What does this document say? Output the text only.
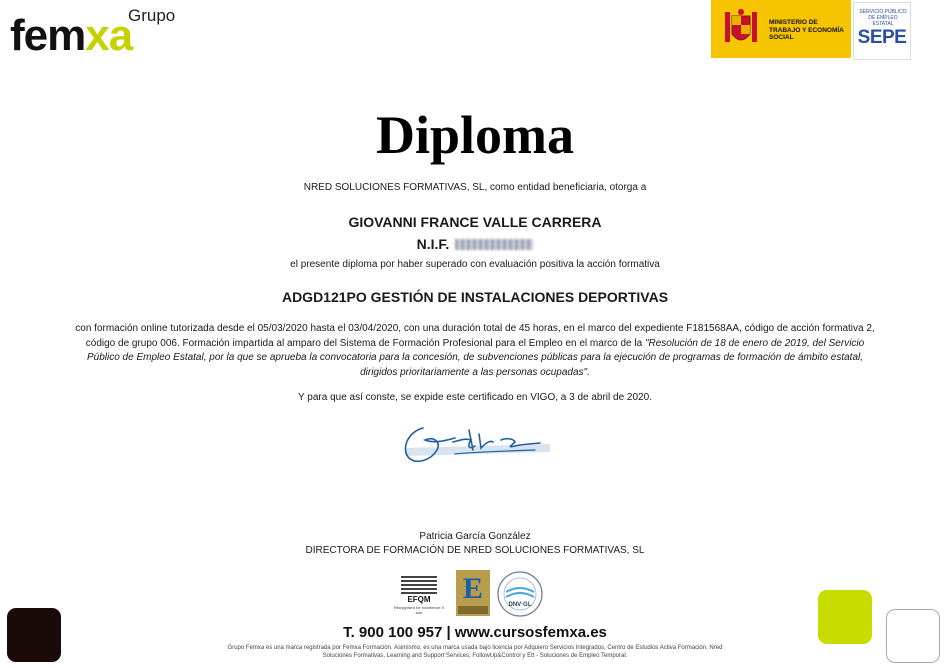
Grupo
femxa	MINISTERIO DE TRABAJO Y ECONOMÍA SOCIAL
SERVICIO PÚBLICO DE EMPLEO ESTATAL
SEPE
Diploma
NRED SOLUCIONES FORMATIVAS, SL, como entidad beneficiaria, otorga a
GIOVANNI FRANCE VALLE CARRERA
N.I.F.
el presente diploma por haber superado con evaluación positiva la acción formativa
ADGD121PO GESTIÓN DE INSTALACIONES DEPORTIVAS
con formación online tutorizada desde el 05/03/2020 hasta el 03/04/2020, con una duración total de 45 horas, en el marco del expediente F181568AA, código de acción formativa 2, código de grupo 006. Formación impartida al amparo del Sistema de Formación Profesional para el Empleo en el marco de la "Resolución de 18 de enero de 2019, del Servicio Público de Empleo Estatal, por la que se aprueba la convocatoria para la concesión, de subvenciones públicas para la ejecución de programas de formación de ámbito estatal, dirigidos prioritariamente a las personas ocupadas".
Y para que así conste, se expide este certificado en VIGO, a 3 de abril de 2020.
Patricia García González
DIRECTORA DE FORMACIÓN DE NRED SOLUCIONES FORMATIVAS, SL
EFQM
Recognised for excellence 5 star
E	DNV·GL
T. 900 100 957 | www.cursosfemxa.es
Grupo Femxa es una marca registrada por Femxa Formación. Asimismo, es una marca usada bajo licencia por Adquiero Servicios Integrados, Centro de Estudios Activa Formación, Nred Soluciones Formativas, Learning and Support Services, FollowUp&Control y Ett - Soluciones de Empleo Temporal.
